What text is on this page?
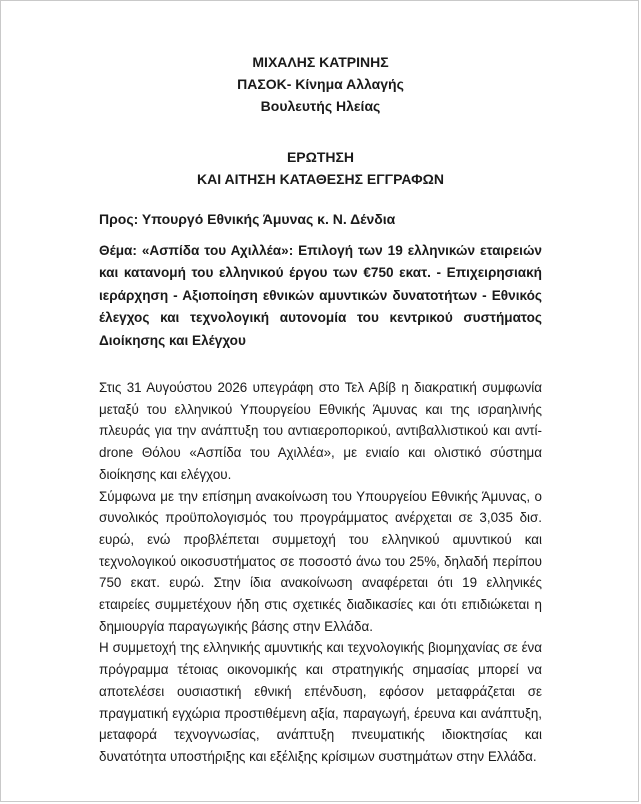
ΜΙΧΑΛΗΣ ΚΑΤΡΙΝΗΣ
ΠΑΣΟΚ- Κίνημα Αλλαγής
Βουλευτής Ηλείας
ΕΡΩΤΗΣΗ
ΚΑΙ ΑΙΤΗΣΗ ΚΑΤΑΘΕΣΗΣ ΕΓΓΡΑΦΩΝ
Προς: Υπουργό Εθνικής Άμυνας κ. Ν. Δένδια
Θέμα: «Ασπίδα του Αχιλλέα»: Επιλογή των 19 ελληνικών εταιρειών και κατανομή του ελληνικού έργου των €750 εκατ. - Επιχειρησιακή ιεράρχηση - Αξιοποίηση εθνικών αμυντικών δυνατοτήτων - Εθνικός έλεγχος και τεχνολογική αυτονομία του κεντρικού συστήματος Διοίκησης και Ελέγχου

Στις 31 Αυγούστου 2026 υπεγράφη στο Τελ Αβίβ η διακρατική συμφωνία μεταξύ του ελληνικού Υπουργείου Εθνικής Άμυνας και της ισραηλινής πλευράς για την ανάπτυξη του αντιαεροπορικού, αντιβαλλιστικού και αντί-drone Θόλου «Ασπίδα του Αχιλλέα», με ενιαίο και ολιστικό σύστημα διοίκησης και ελέγχου.

Σύμφωνα με την επίσημη ανακοίνωση του Υπουργείου Εθνικής Άμυνας, ο συνολικός προϋπολογισμός του προγράμματος ανέρχεται σε 3,035 δισ. ευρώ, ενώ προβλέπεται συμμετοχή του ελληνικού αμυντικού και τεχνολογικού οικοσυστήματος σε ποσοστό άνω του 25%, δηλαδή περίπου 750 εκατ. ευρώ. Στην ίδια ανακοίνωση αναφέρεται ότι 19 ελληνικές εταιρείες συμμετέχουν ήδη στις σχετικές διαδικασίες και ότι επιδιώκεται η δημιουργία παραγωγικής βάσης στην Ελλάδα.

Η συμμετοχή της ελληνικής αμυντικής και τεχνολογικής βιομηχανίας σε ένα πρόγραμμα τέτοιας οικονομικής και στρατηγικής σημασίας μπορεί να αποτελέσει ουσιαστική εθνική επένδυση, εφόσον μεταφράζεται σε πραγματική εγχώρια προστιθέμενη αξία, παραγωγή, έρευνα και ανάπτυξη, μεταφορά τεχνογνωσίας, ανάπτυξη πνευματικής ιδιοκτησίας και δυνατότητα υποστήριξης και εξέλιξης κρίσιμων συστημάτων στην Ελλάδα.
